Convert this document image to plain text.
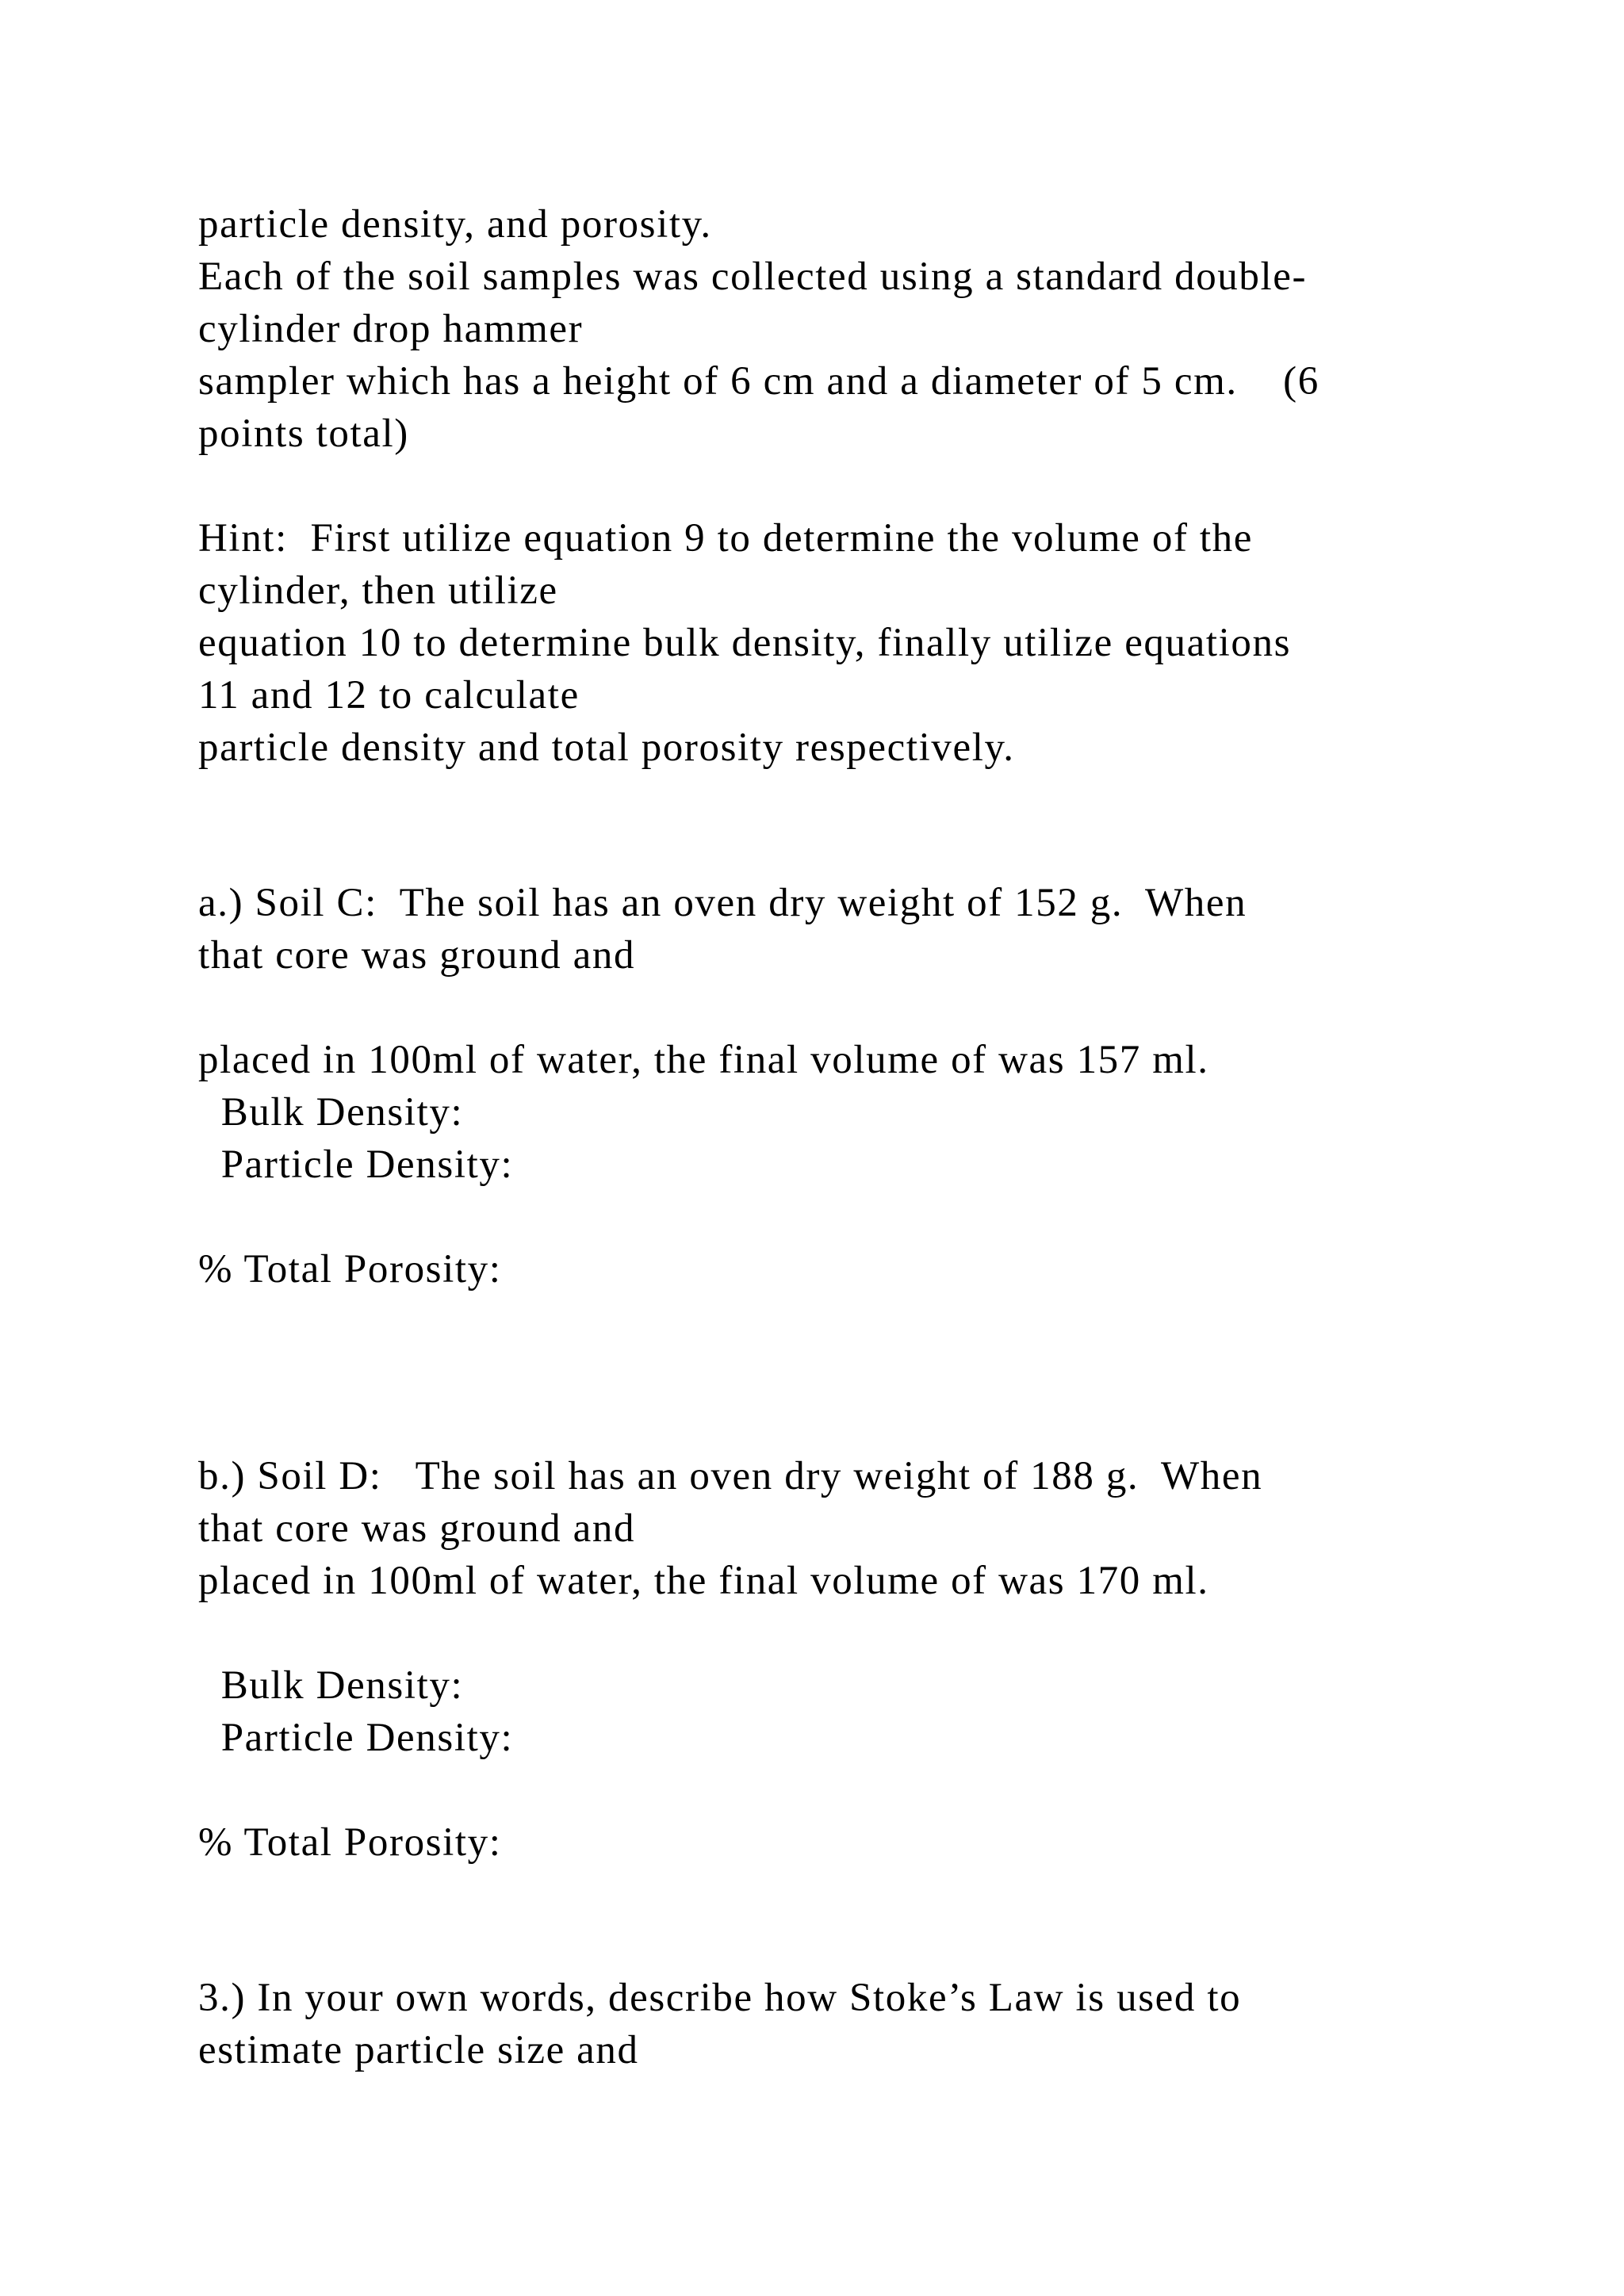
particle density, and porosity.
Each of the soil samples was collected using a standard double-
cylinder drop hammer
sampler which has a height of 6 cm and a diameter of 5 cm.    (6
points total)
Hint:  First utilize equation 9 to determine the volume of the
cylinder, then utilize
equation 10 to determine bulk density, finally utilize equations
11 and 12 to calculate
particle density and total porosity respectively.
a.) Soil C:  The soil has an oven dry weight of 152 g.  When
that core was ground and
placed in 100ml of water, the final volume of was 157 ml.
Bulk Density:
Particle Density:
% Total Porosity:
b.) Soil D:   The soil has an oven dry weight of 188 g.  When
that core was ground and
placed in 100ml of water, the final volume of was 170 ml.
Bulk Density:
Particle Density:
% Total Porosity:
3.) In your own words, describe how Stoke’s Law is used to
estimate particle size and
